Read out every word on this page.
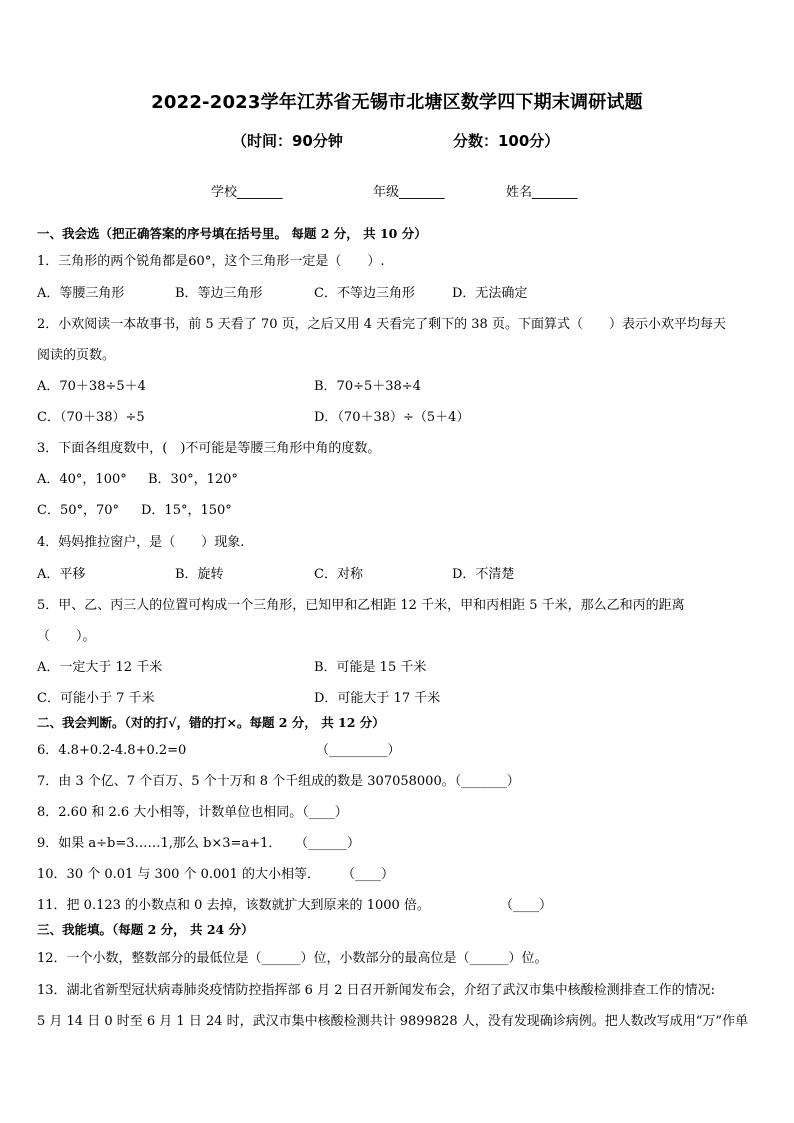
2022-2023学年江苏省无锡市北塘区数学四下期末调研试题
（时间：90分钟	分数：100分）
学校_______	年级_______	姓名_______
一、我会选（把正确答案的序号填在括号里。 每题 2 分， 共 10 分）
1．三角形的两个锐角都是60°，这个三角形一定是（　　）.
A．等腰三角形	B．等边三角形	C．不等边三角形	D．无法确定
2．小欢阅读一本故事书，前 5 天看了 70 页，之后又用 4 天看完了剩下的 38 页。下面算式（　　）表示小欢平均每天
阅读的页数。
A．70＋38÷5＋4	B．70÷5＋38÷4
C．（70＋38）÷5	D．（70＋38）÷（5＋4）
3．下面各组度数中，(　)不可能是等腰三角形中角的度数。
A．40°，100° B．30°，120°
C．50°，70° D．15°，150°
4．妈妈推拉窗户，是（　　）现象.
A．平移	B．旋转	C．对称	D．不清楚
5．甲、乙、丙三人的位置可构成一个三角形，已知甲和乙相距 12 千米，甲和丙相距 5 千米，那么乙和丙的距离
（　　）。
A．一定大于 12 千米	B．可能是 15 千米
C．可能小于 7 千米	D．可能大于 17 千米
二、我会判断。（对的打√，错的打×。每题 2 分， 共 12 分）
6．4.8+0.2-4.8+0.2=0	（_________）
7．由 3 个亿、7 个百万、5 个十万和 8 个千组成的数是 307058000。（_______）
8．2.60 和 2.6 大小相等，计数单位也相同。（____）
9．如果 a÷b=3……1,那么 b×3=a+1． （______）
10．30 个 0.01 与 300 个 0.001 的大小相等． （____）
11．把 0.123 的小数点和 0 去掉，该数就扩大到原来的 1000 倍。	（____）
三、我能填。（每题 2 分， 共 24 分）
12．一个小数，整数部分的最低位是（______）位，小数部分的最高位是（______）位。
13．湖北省新型冠状病毒肺炎疫情防控指挥部 6 月 2 日召开新闻发布会，介绍了武汉市集中核酸检测排查工作的情况:
5 月 14 日 0 时至 6 月 1 日 24 时，武汉市集中核酸检测共计 9899828 人，没有发现确诊病例。把人数改写成用“万”作单
